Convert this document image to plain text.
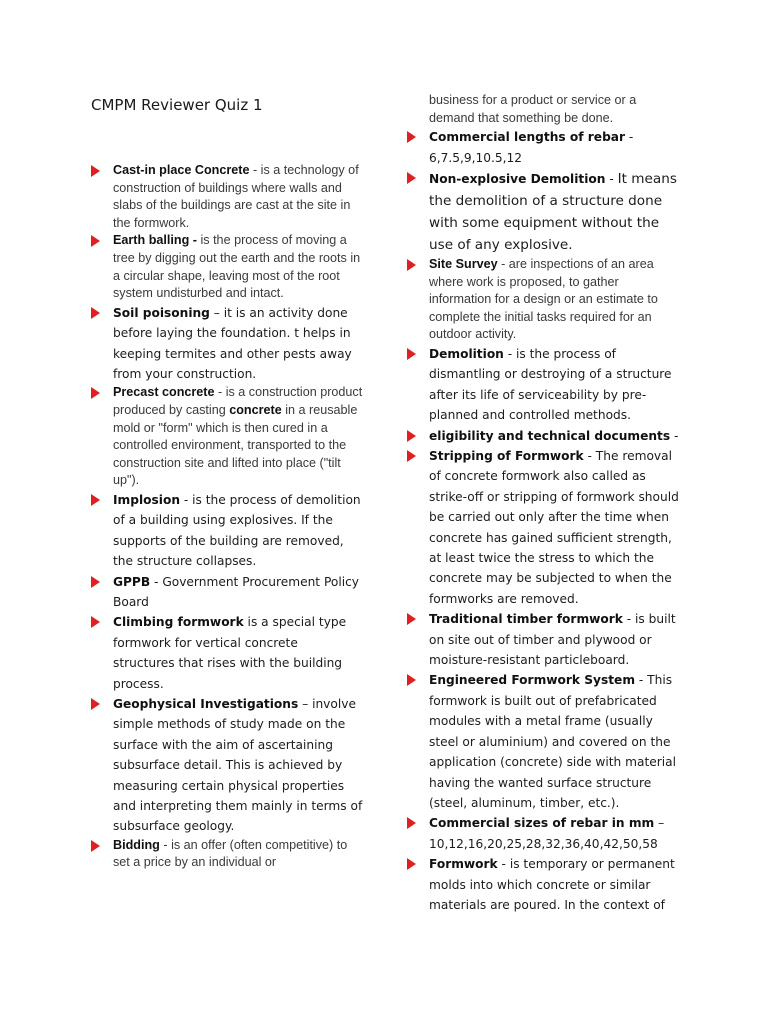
CMPM Reviewer Quiz 1
Cast-in place Concrete - is a technology of construction of buildings where walls and slabs of the buildings are cast at the site in the formwork.
Earth balling - is the process of moving a tree by digging out the earth and the roots in a circular shape, leaving most of the root system undisturbed and intact.
Soil poisoning – it is an activity done before laying the foundation. t helps in keeping termites and other pests away from your construction.
Precast concrete - is a construction product produced by casting concrete in a reusable mold or "form" which is then cured in a controlled environment, transported to the construction site and lifted into place ("tilt up").
Implosion - is the process of demolition of a building using explosives. If the supports of the building are removed, the structure collapses.
GPPB - Government Procurement Policy Board
Climbing formwork is a special type formwork for vertical concrete structures that rises with the building process.
Geophysical Investigations – involve simple methods of study made on the surface with the aim of ascertaining subsurface detail. This is achieved by measuring certain physical properties and interpreting them mainly in terms of subsurface geology.
Bidding - is an offer (often competitive) to set a price by an individual or
business for a product or service or a demand that something be done.
Commercial lengths of rebar - 6,7.5,9,10.5,12
Non-explosive Demolition - It means the demolition of a structure done with some equipment without the use of any explosive.
Site Survey - are inspections of an area where work is proposed, to gather information for a design or an estimate to complete the initial tasks required for an outdoor activity.
Demolition - is the process of dismantling or destroying of a structure after its life of serviceability by pre-planned and controlled methods.
eligibility and technical documents -
Stripping of Formwork - The removal of concrete formwork also called as strike-off or stripping of formwork should be carried out only after the time when concrete has gained sufficient strength, at least twice the stress to which the concrete may be subjected to when the formworks are removed.
Traditional timber formwork - is built on site out of timber and plywood or moisture-resistant particleboard.
Engineered Formwork System - This formwork is built out of prefabricated modules with a metal frame (usually steel or aluminium) and covered on the application (concrete) side with material having the wanted surface structure (steel, aluminum, timber, etc.).
Commercial sizes of rebar in mm – 10,12,16,20,25,28,32,36,40,42,50,58
Formwork - is temporary or permanent molds into which concrete or similar materials are poured. In the context of
